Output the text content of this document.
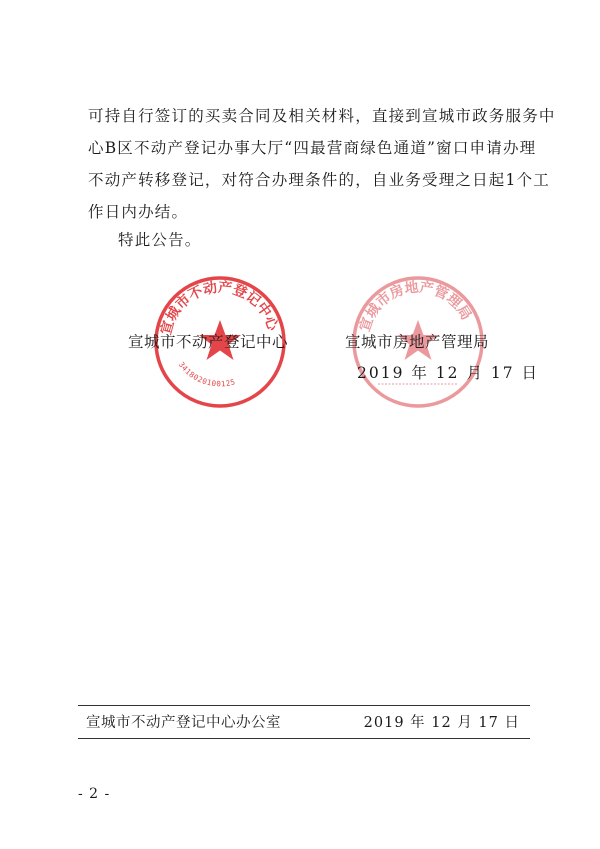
可持自行签订的买卖合同及相关材料，直接到宣城市政务服务中
心B区不动产登记办事大厅“四最营商绿色通道”窗口申请办理
不动产转移登记，对符合办理条件的，自业务受理之日起1个工
作日内办结。
特此公告。
宣城市不动产登记中心
3418020100125
宣城市房地产管理局
宣城市不动产登记中心	宣城市房地产管理局
2019 年 12 月 17 日
宣城市不动产登记中心办公室	2019 年 12 月 17 日
- 2 -
